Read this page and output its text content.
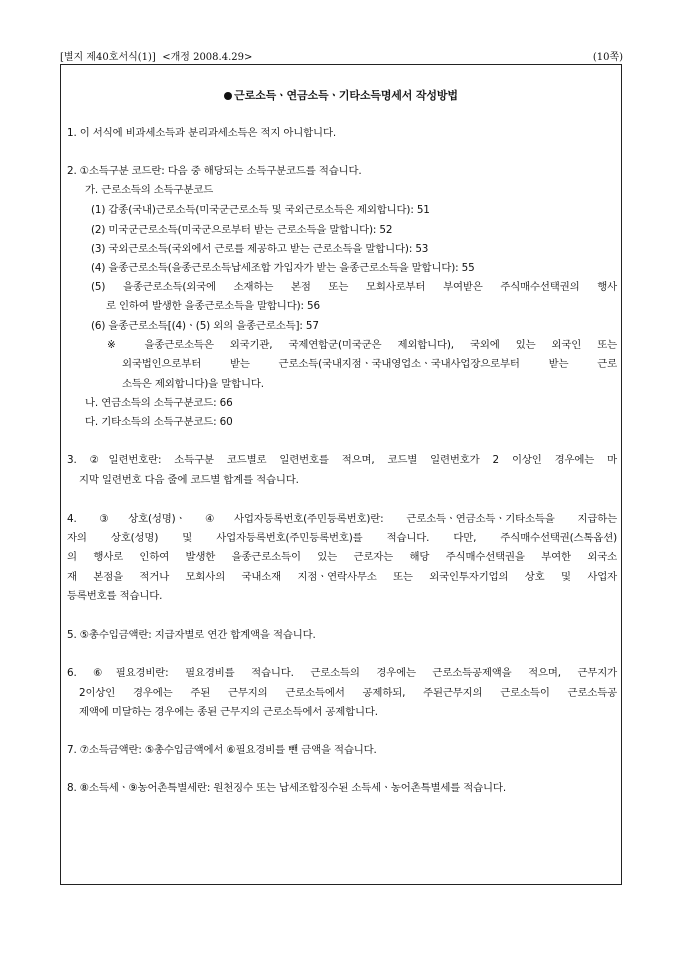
[별지 제40호서식(1)] <개정 2008.4.29>	(10쪽)
근로소득ㆍ연금소득ㆍ기타소득명세서 작성방법
1. 이 서식에 비과세소득과 분리과세소득은 적지 아니합니다.
2. ①소득구분 코드란: 다음 중 해당되는 소득구분코드를 적습니다.
가. 근로소득의 소득구분코드
(1) 갑종(국내)근로소득(미국군근로소득 및 국외근로소득은 제외합니다): 51
(2) 미국군근로소득(미국군으로부터 받는 근로소득을 말합니다): 52
(3) 국외근로소득(국외에서 근로를 제공하고 받는 근로소득을 말합니다): 53
(4) 을종근로소득(을종근로소득납세조합 가입자가 받는 을종근로소득을 말합니다): 55
(5) 을종근로소득(외국에 소재하는 본점 또는 모회사로부터 부여받은 주식매수선택권의 행사
로 인하여 발생한 을종근로소득을 말합니다): 56
(6) 을종근로소득[(4)ㆍ(5) 외의 을종근로소득]: 57
※ 을종근로소득은 외국기관, 국제연합군(미국군은 제외합니다), 국외에 있는 외국인 또는
외국법인으로부터 받는 근로소득(국내지점ㆍ국내영업소ㆍ국내사업장으로부터 받는 근로
소득은 제외합니다)을 말합니다.
나. 연금소득의 소득구분코드: 66
다. 기타소득의 소득구분코드: 60
3. ②일련번호란: 소득구분 코드별로 일련번호를 적으며, 코드별 일련번호가 2 이상인 경우에는 마
지막 일련번호 다음 줄에 코드별 합계를 적습니다.
4. ③상호(성명)ㆍ④사업자등록번호(주민등록번호)란: 근로소득ㆍ연금소득ㆍ기타소득을 지급하는
자의 상호(성명) 및 사업자등록번호(주민등록번호)를 적습니다. 다만, 주식매수선택권(스톡옵션)
의 행사로 인하여 발생한 을종근로소득이 있는 근로자는 해당 주식매수선택권을 부여한 외국소
재 본점을 적거나 모회사의 국내소재 지점ㆍ연락사무소 또는 외국인투자기업의 상호 및 사업자
등록번호를 적습니다.
5. ⑤총수입금액란: 지급자별로 연간 합계액을 적습니다.
6. ⑥필요경비란: 필요경비를 적습니다. 근로소득의 경우에는 근로소득공제액을 적으며, 근무지가
2이상인 경우에는 주된 근무지의 근로소득에서 공제하되, 주된근무지의 근로소득이 근로소득공
제액에 미달하는 경우에는 종된 근무지의 근로소득에서 공제합니다.
7. ⑦소득금액란: ⑤총수입금액에서 ⑥필요경비를 뺀 금액을 적습니다.
8. ⑧소득세ㆍ⑨농어촌특별세란: 원천징수 또는 납세조합징수된 소득세ㆍ농어촌특별세를 적습니다.
